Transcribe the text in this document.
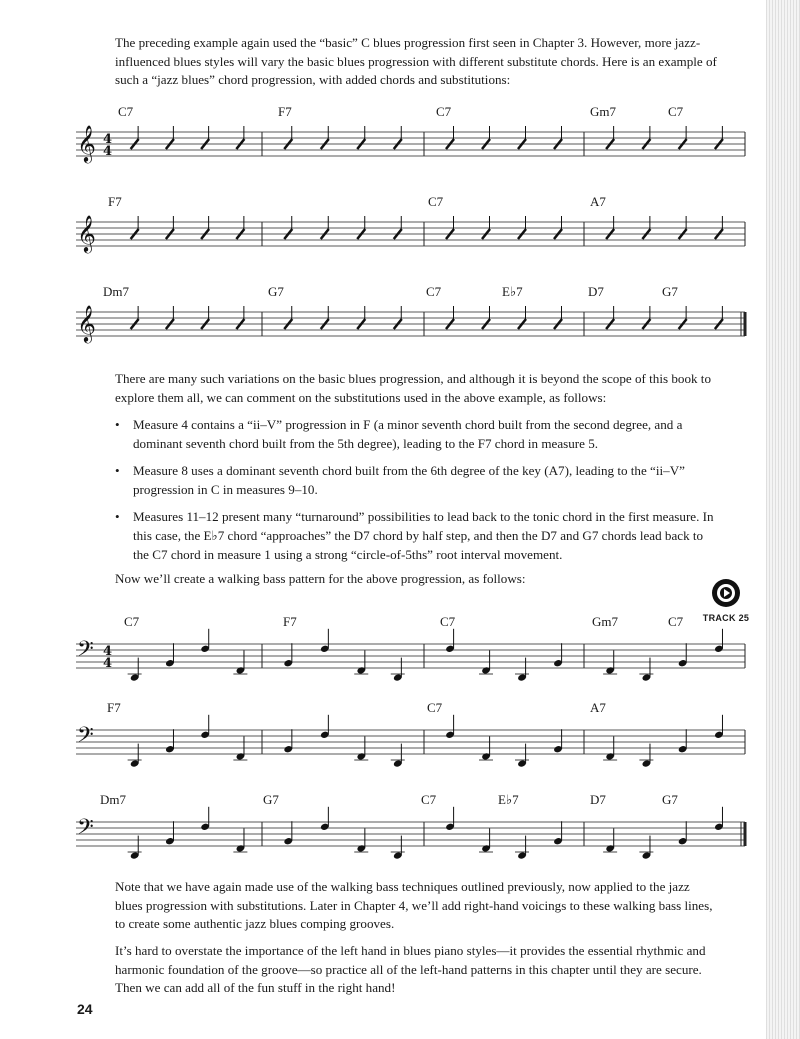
The preceding example again used the “basic” C blues progression first seen in Chapter 3. However, more jazz-influenced blues styles will vary the basic blues progression with different substitute chords. Here is an example of such a “jazz blues” chord progression, with added chords and substitutions:

C7	F7	C7	Gm7	C7
𝄞 4
4
F7	C7	A7
𝄞
Dm7	G7	C7	E♭7	D7	G7
𝄞

There are many such variations on the basic blues progression, and although it is beyond the scope of this book to explore them all, we can comment on the substitutions used in the above example, as follows:

• Measure 4 contains a “ii–V” progression in F (a minor seventh chord built from the second degree, and a dominant seventh chord built from the 5th degree), leading to the F7 chord in measure 5.
• Measure 8 uses a dominant seventh chord built from the 6th degree of the key (A7), leading to the “ii–V” progression in C in measures 9–10.
• Measures 11–12 present many “turnaround” possibilities to lead back to the tonic chord in the first measure. In this case, the E♭7 chord “approaches” the D7 chord by half step, and then the D7 and G7 chords lead back to the C7 chord in measure 1 using a strong “circle-of-5ths” root interval movement.

Now we’ll create a walking bass pattern for the above progression, as follows:

TRACK 25
C7	F7	C7	Gm7	C7
𝄢 4
4
F7	C7	A7
𝄢
Dm7	G7	C7	E♭7	D7	G7
𝄢

Note that we have again made use of the walking bass techniques outlined previously, now applied to the jazz blues progression with substitutions. Later in Chapter 4, we’ll add right-hand voicings to these walking bass lines, to create some authentic jazz blues comping grooves.

It’s hard to overstate the importance of the left hand in blues piano styles—it provides the essential rhythmic and harmonic foundation of the groove—so practice all of the left-hand patterns in this chapter until they are secure. Then we can add all of the fun stuff in the right hand!

24
